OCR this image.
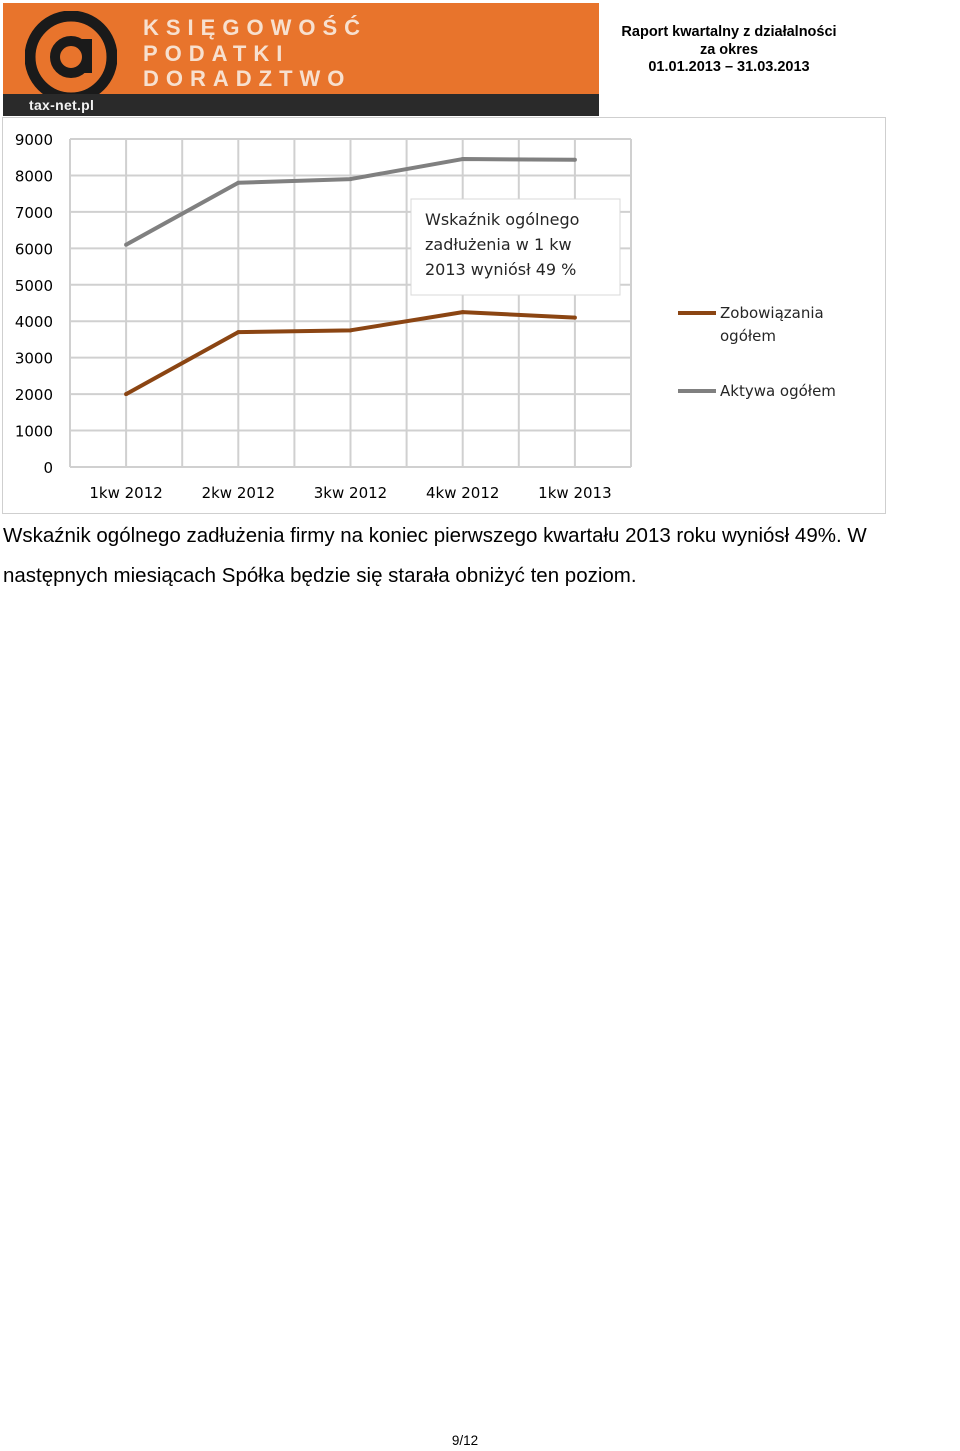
KSIĘGOWOŚĆ
PODATKI
DORADZTWO
tax-net.pl
Raport kwartalny z działalności
za okres
01.01.2013 – 31.03.2013
0
1000
2000
3000
4000
5000
6000
7000
8000
9000
1kw 2012	2kw 2012	3kw 2012	4kw 2012	1kw 2013
Wskaźnik ogólnego
zadłużenia w 1 kw
2013 wyniósł 49 %
Zobowiązania
ogółem
Aktywa ogółem
Wskaźnik ogólnego zadłużenia firmy na koniec pierwszego kwartału 2013 roku wyniósł 49%. W
następnych miesiącach Spółka będzie się starała obniżyć ten poziom.
9/12
